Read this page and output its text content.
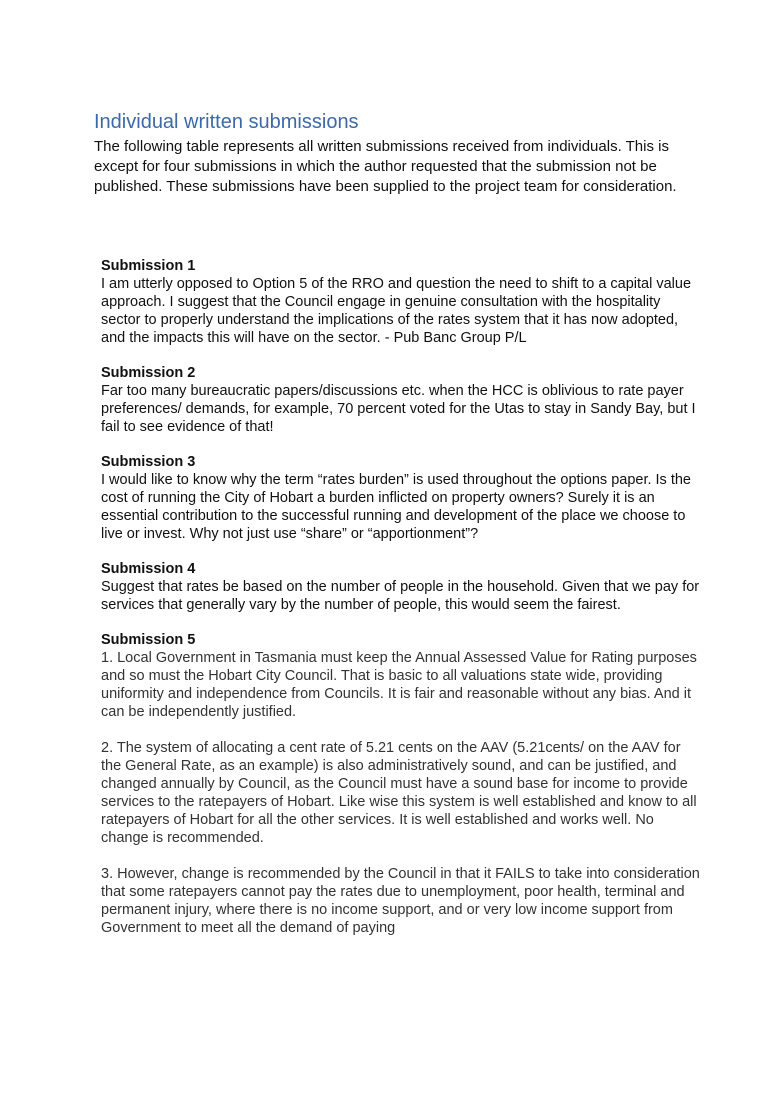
Individual written submissions

The following table represents all written submissions received from individuals. This is except for four submissions in which the author requested that the submission not be published. These submissions have been supplied to the project team for consideration.

Submission 1

I am utterly opposed to Option 5 of the RRO and question the need to shift to a capital value approach. I suggest that the Council engage in genuine consultation with the hospitality sector to properly understand the implications of the rates system that it has now adopted, and the impacts this will have on the sector. - Pub Banc Group P/L

Submission 2

Far too many bureaucratic papers/discussions etc. when the HCC is oblivious to rate payer preferences/ demands, for example, 70 percent voted for the Utas to stay in Sandy Bay, but I fail to see evidence of that!

Submission 3

I would like to know why the term “rates burden” is used throughout the options paper. Is the cost of running the City of Hobart a burden inflicted on property owners? Surely it is an essential contribution to the successful running and development of the place we choose to live or invest. Why not just use “share” or “apportionment”?

Submission 4

Suggest that rates be based on the number of people in the household. Given that we pay for services that generally vary by the number of people, this would seem the fairest.

Submission 5

1. Local Government in Tasmania must keep the Annual Assessed Value for Rating purposes and so must the Hobart City Council. That is basic to all valuations state wide, providing uniformity and independence from Councils. It is fair and reasonable without any bias. And it can be independently justified.

2. The system of allocating a cent rate of 5.21 cents on the AAV (5.21cents/ on the AAV for the General Rate, as an example) is also administratively sound, and can be justified, and changed annually by Council, as the Council must have a sound base for income to provide services to the ratepayers of Hobart. Like wise this system is well established and know to all ratepayers of Hobart for all the other services. It is well established and works well. No change is recommended.

3. However, change is recommended by the Council in that it FAILS to take into consideration that some ratepayers cannot pay the rates due to unemployment, poor health, terminal and permanent injury, where there is no income support, and or very low income support from Government to meet all the demand of paying
